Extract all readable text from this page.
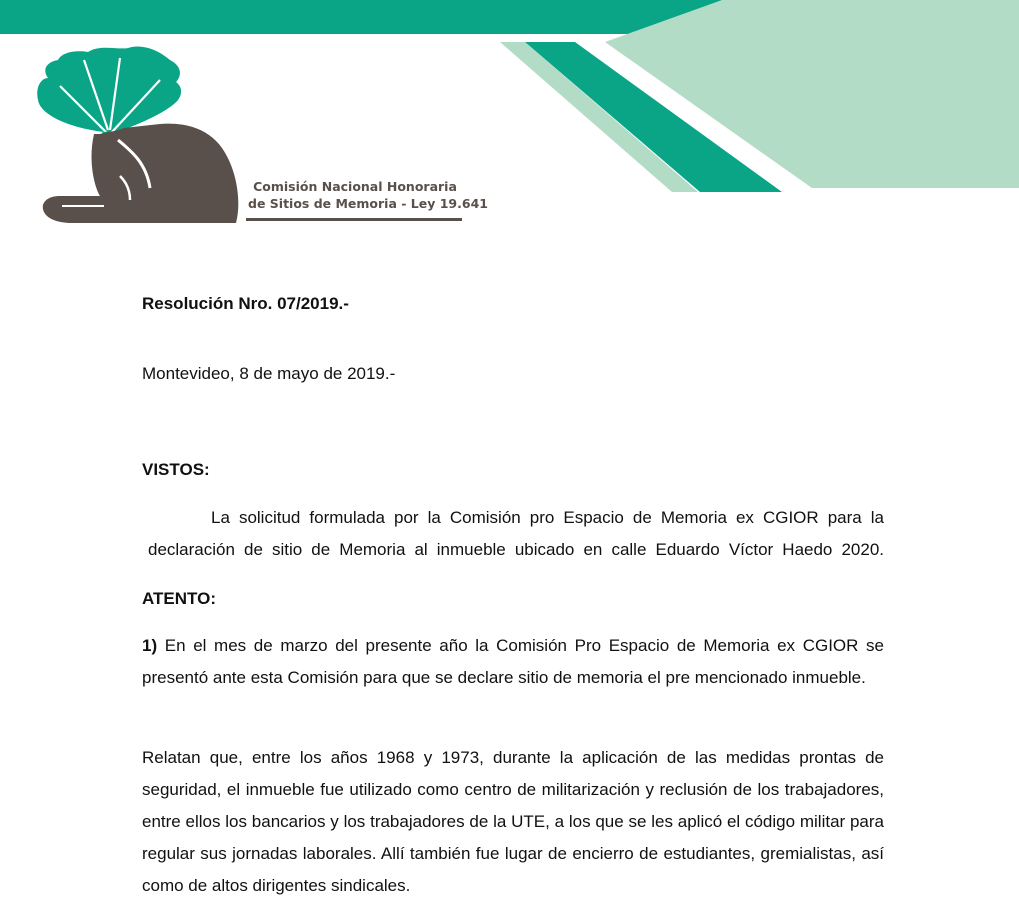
Comisión Nacional Honoraria
de Sitios de Memoria - Ley 19.641

Resolución Nro. 07/2019.-

Montevideo, 8 de mayo de 2019.-

VISTOS:

La solicitud formulada por la Comisión pro Espacio de Memoria ex CGIOR para la

declaración de sitio de Memoria al inmueble ubicado en calle Eduardo Víctor Haedo 2020.

ATENTO:

1) En el mes de marzo del presente año la Comisión Pro Espacio de Memoria ex CGIOR se presentó ante esta Comisión para que se declare sitio de memoria el pre mencionado inmueble.

Relatan que, entre los años 1968 y 1973, durante la aplicación de las medidas prontas de seguridad, el inmueble fue utilizado como centro de militarización y reclusión de los trabajadores, entre ellos los bancarios y los trabajadores de la UTE, a los que se les aplicó el código militar para regular sus jornadas laborales. Allí también fue lugar de encierro de estudiantes, gremialistas, así como de altos dirigentes sindicales.
